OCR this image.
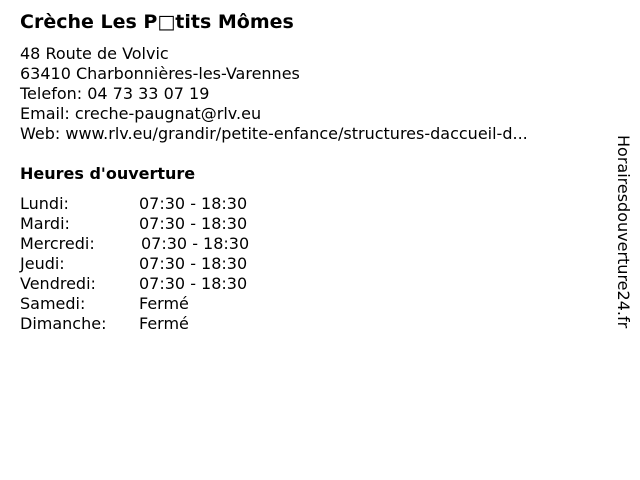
Crèche Les P□tits Mômes
48 Route de Volvic
63410 Charbonnières-les-Varennes
Telefon: 04 73 33 07 19
Email: creche-paugnat@rlv.eu
Web: www.rlv.eu/grandir/petite-enfance/structures-daccueil-d...
Heures d'ouverture
Lundi:	07:30 - 18:30
Mardi:	07:30 - 18:30
Mercredi:	07:30 - 18:30
Jeudi:	07:30 - 18:30
Vendredi:	07:30 - 18:30
Samedi:	Fermé
Dimanche: Fermé	Horairesdouverture24.fr
